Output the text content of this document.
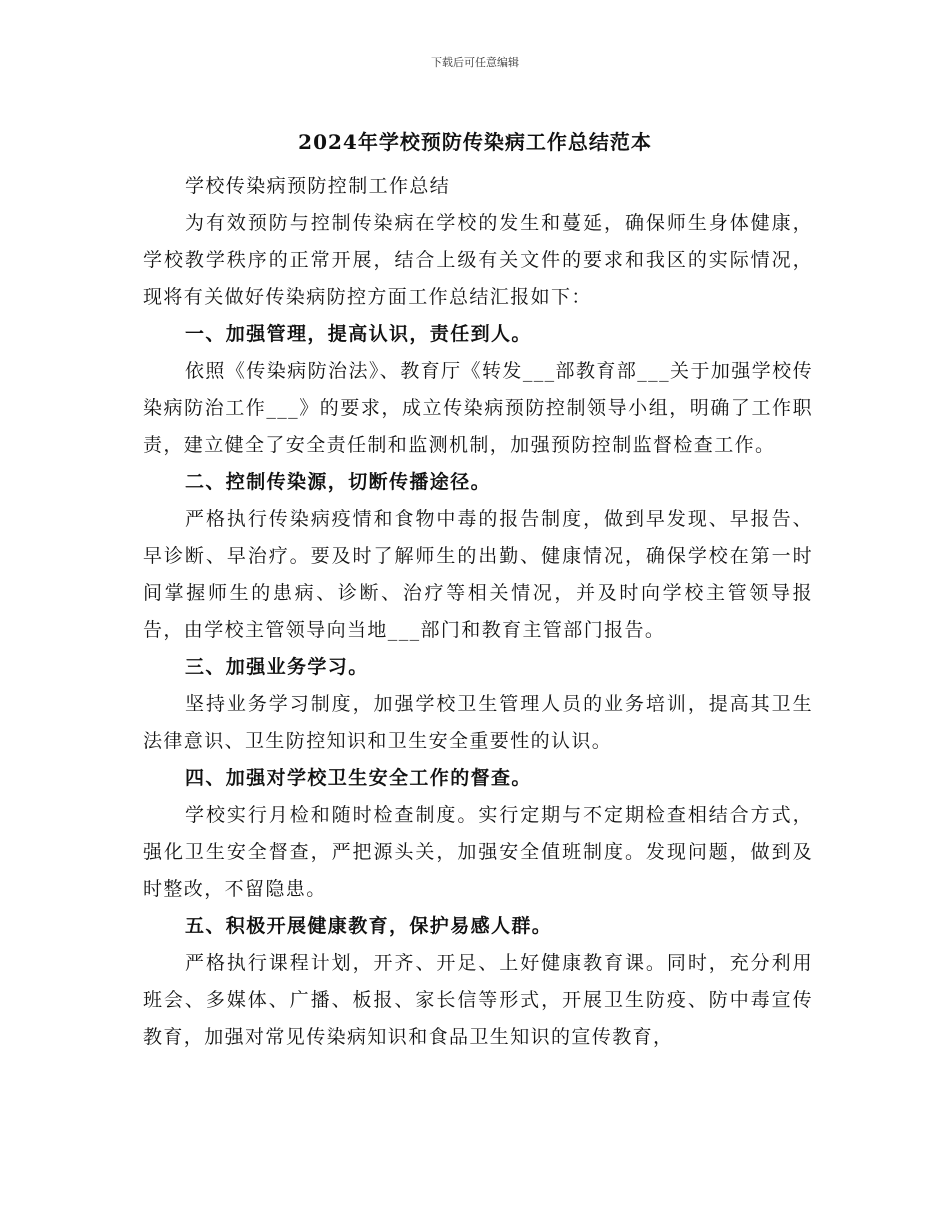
下载后可任意编辑
2024年学校预防传染病工作总结范本

学校传染病预防控制工作总结

为有效预防与控制传染病在学校的发生和蔓延，确保师生身体健康，学校教学秩序的正常开展，结合上级有关文件的要求和我区的实际情况，现将有关做好传染病防控方面工作总结汇报如下：

一、加强管理，提高认识，责任到人。

依照《传染病防治法》、教育厅《转发___部教育部___关于加强学校传染病防治工作___》的要求，成立传染病预防控制领导小组，明确了工作职责，建立健全了安全责任制和监测机制，加强预防控制监督检查工作。

二、控制传染源，切断传播途径。

严格执行传染病疫情和食物中毒的报告制度，做到早发现、早报告、早诊断、早治疗。要及时了解师生的出勤、健康情况，确保学校在第一时间掌握师生的患病、诊断、治疗等相关情况，并及时向学校主管领导报告，由学校主管领导向当地___部门和教育主管部门报告。

三、加强业务学习。

坚持业务学习制度，加强学校卫生管理人员的业务培训，提高其卫生法律意识、卫生防控知识和卫生安全重要性的认识。

四、加强对学校卫生安全工作的督查。

学校实行月检和随时检查制度。实行定期与不定期检查相结合方式，强化卫生安全督查，严把源头关，加强安全值班制度。发现问题，做到及时整改，不留隐患。

五、积极开展健康教育，保护易感人群。

严格执行课程计划，开齐、开足、上好健康教育课。同时，充分利用班会、多媒体、广播、板报、家长信等形式，开展卫生防疫、防中毒宣传教育，加强对常见传染病知识和食品卫生知识的宣传教育，
